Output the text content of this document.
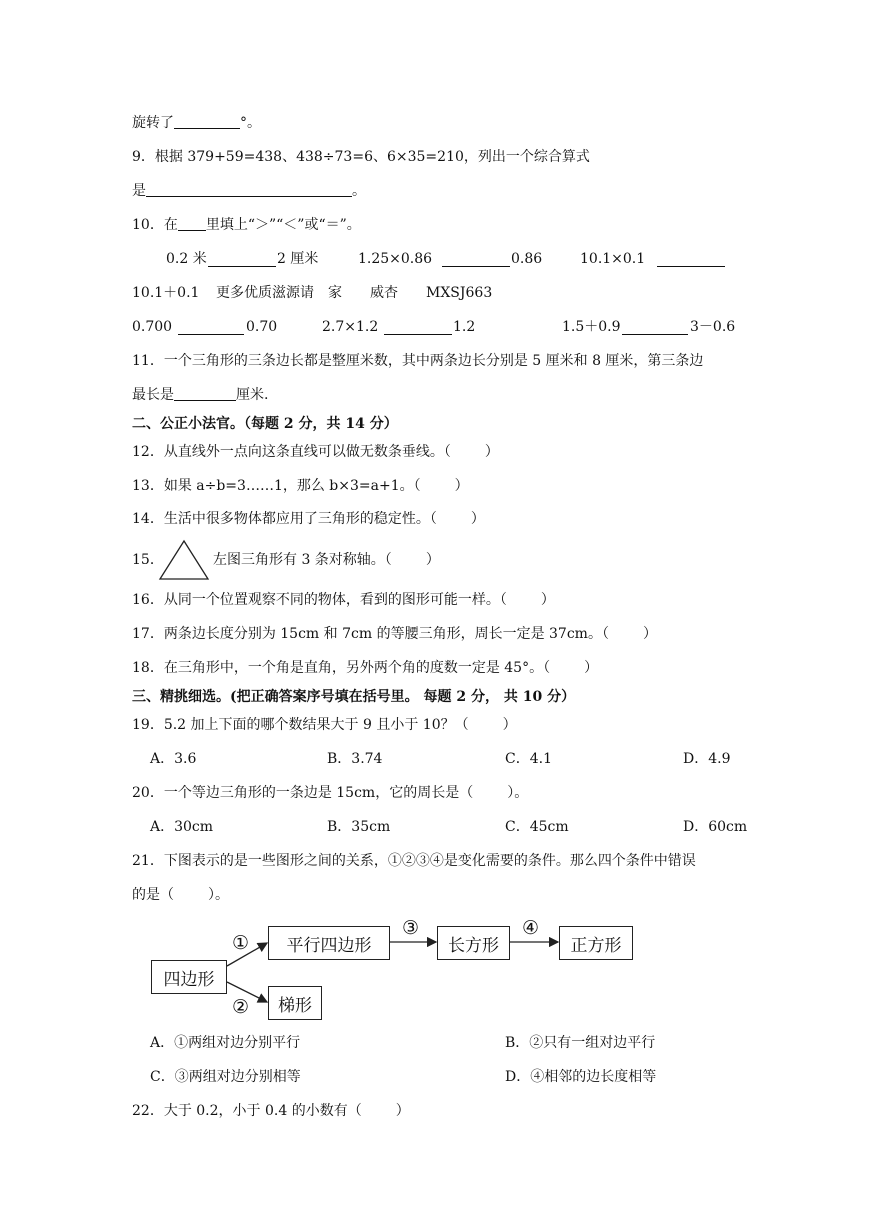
旋转了	°。
9．根据 379+59=438、438÷73=6、6×35=210，列出一个综合算式
是	。
10．在 里填上“＞”“＜”或“＝”。
0.2 米	2 厘米	1.25×0.86	0.86	10.1×0.1
10.1＋0.1 更多优质滋源请　家　　威杏　　MXSJ663
0.700	0.70	2.7×1.2	1.2	1.5＋0.9	3－0.6
11．一个三角形的三条边长都是整厘米数，其中两条边长分别是 5 厘米和 8 厘米，第三条边
最长是	厘米.
二、公正小法官。（每题 2 分，共 14 分）
12．从直线外一点向这条直线可以做无数条垂线。（ ）
13．如果 a÷b=3……1，那么 b×3=a+1。（ ）
14．生活中很多物体都应用了三角形的稳定性。（ ）
15．	左图三角形有 3 条对称轴。（ ）
16．从同一个位置观察不同的物体，看到的图形可能一样。（ ）
17．两条边长度分别为 15cm 和 7cm 的等腰三角形，周长一定是 37cm。（ ）
18．在三角形中，一个角是直角，另外两个角的度数一定是 45°。（ ）
三、精挑细选。(把正确答案序号填在括号里。 每题 2 分， 共 10 分）
19．5.2 加上下面的哪个数结果大于 9 且小于 10？（ ）
A．3.6	B．3.74	C．4.1	D．4.9
20．一个等边三角形的一条边是 15cm，它的周长是（ ）。
A．30cm	B．35cm	C．45cm	D．60cm
21．下图表示的是一些图形之间的关系，①②③④是变化需要的条件。那么四个条件中错误
的是（ ）。
四边形
平行四边形	长方形	正方形
梯形
①
②
③	④
A．①两组对边分别平行	B．②只有一组对边平行
C．③两组对边分别相等	D．④相邻的边长度相等
22．大于 0.2，小于 0.4 的小数有（ ）
